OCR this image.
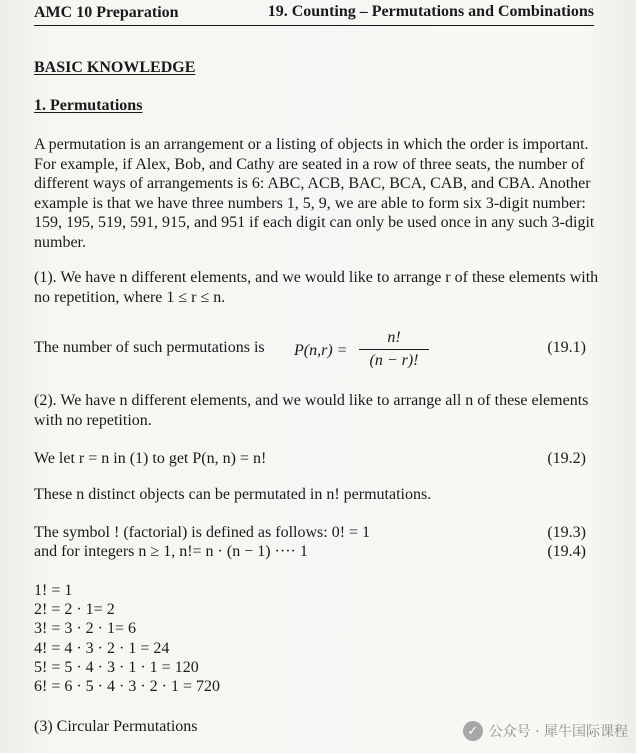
AMC 10 Preparation	19. Counting – Permutations and Combinations
BASIC KNOWLEDGE
1. Permutations
A permutation is an arrangement or a listing of objects in which the order is important. For example, if Alex, Bob, and Cathy are seated in a row of three seats, the number of different ways of arrangements is 6: ABC, ACB, BAC, BCA, CAB, and CBA. Another example is that we have three numbers 1, 5, 9, we are able to form six 3-digit number: 159, 195, 519, 591, 915, and 951 if each digit can only be used once in any such 3-digit number.
(1). We have n different elements, and we would like to arrange r of these elements with no repetition, where 1 ≤ r ≤ n.
The number of such permutations is P(n,r) =
n!
(n − r)!
(19.1)
(2). We have n different elements, and we would like to arrange all n of these elements with no repetition.
We let r = n in (1) to get P(n, n) = n!	(19.2)
These n distinct objects can be permutated in n! permutations.
The symbol ! (factorial) is defined as follows: 0! = 1	(19.3)
and for integers n ≥ 1, n!= n · (n − 1) ···· 1	(19.4)
1! = 1
2! = 2 · 1= 2
3! = 3 · 2 · 1= 6
4! = 4 · 3 · 2 · 1 = 24
5! = 5 · 4 · 3 · 1 · 1 = 120
6! = 6 · 5 · 4 · 3 · 2 · 1 = 720
(3) Circular Permutations	✓ 公众号 · 犀牛国际课程
